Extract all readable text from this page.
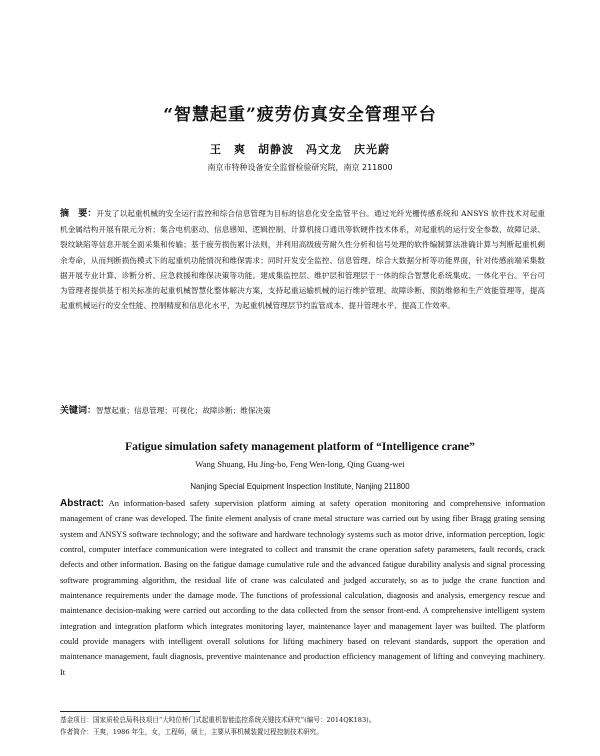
“智慧起重”疲劳仿真安全管理平台
王　爽　胡静波　冯文龙　庆光蔚
南京市特种设备安全监督检验研究院，南京 211800
摘　要：开发了以起重机械的安全运行监控和综合信息管理为目标的信息化安全监管平台。通过光纤光栅传感系统和 ANSYS 软件技术对起重机金属结构开展有限元分析；集合电机驱动、信息感知、逻辑控制、计算机接口通讯等软硬件技术体系，对起重机的运行安全参数、故障记录、裂纹缺陷等信息开展全面采集和传输；基于疲劳损伤累计法则，并利用高级疲劳耐久性分析和信号处理的软件编制算法准确计算与判断起重机剩余寿命，从而判断损伤模式下的起重机功能情况和维保需求；同时开发安全监控、信息管理、综合大数据分析等功能界面，针对传感前端采集数据开展专业计算、诊断分析、应急救援和维保决策等功能。建成集监控层、维护层和管理层于一体的综合智慧化系统集成、一体化平台。平台可为管理者提供基于相关标准的起重机械智慧化整体解决方案，支持起重运输机械的运行维护管理、故障诊断、预防维修和生产效能管理等，提高起重机械运行的安全性能、控制精度和信息化水平，为起重机械管理层节约监管成本、提升管理水平、提高工作效率。
关键词：智慧起重；信息管理；可视化；故障诊断；维保决策
Fatigue simulation safety management platform of “Intelligence crane”
Wang Shuang, Hu Jing-bo, Feng Wen-long, Qing Guang-wei
Nanjing Special Equipment Inspection Institute, Nanjing 211800
Abstract: An information-based safety supervision platform aiming at safety operation monitoring and comprehensive information management of crane was developed. The finite element analysis of crane metal structure was carried out by using fiber Bragg grating sensing system and ANSYS software technology; and the software and hardware technology systems such as motor drive, information perception, logic control, computer interface communication were integrated to collect and transmit the crane operation safety parameters, fault records, crack defects and other information. Basing on the fatigue damage cumulative rule and the advanced fatigue durability analysis and signal processing software programming algorithm, the residual life of crane was calculated and judged accurately, so as to judge the crane function and maintenance requirements under the damage mode. The functions of professional calculation, diagnosis and analysis, emergency rescue and maintenance decision-making were carried out according to the data collected from the sensor front-end. A comprehensive intelligent system integration and integration platform which integrates monitoring layer, maintenance layer and management layer was builted. The platform could provide managers with intelligent overall solutions for lifting machinery based on relevant standards, support the operation and maintenance management, fault diagnosis, preventive maintenance and production efficiency management of lifting and conveying machinery. It
基金项目：国家质检总局科技项目“大吨位桥门式起重机智能监控系统关键技术研究”(编号：2014QK183)。
作者简介：王爽，1986 年生，女，工程师，硕士，主要从事机械装置过程控制技术研究。
